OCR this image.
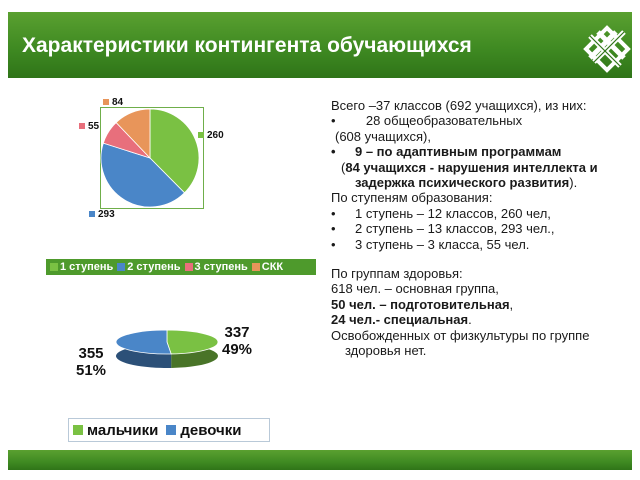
Характеристики контингента обучающихся
84
55
260
293
1 ступень 2 ступень 3 ступень СКК
337
49%
355
51%
мальчики девочки

Всего –37 классов (692 учащихся), из них:

• 28 общеобразовательных

(608 учащихся),

• 9 – по адаптивным программам

(84 учащихся - нарушения интеллекта и задержка психического развития).

По ступеням образования:

• 1 ступень – 12 классов, 260 чел,

• 2 ступень – 13 классов, 293 чел.,

• 3 ступень – 3 класса, 55 чел.

По группам здоровья:

618 чел. – основная группа,

50 чел. – подготовительная,

24 чел.- специальная.

Освобожденных от физкультуры по группе здоровья нет.
